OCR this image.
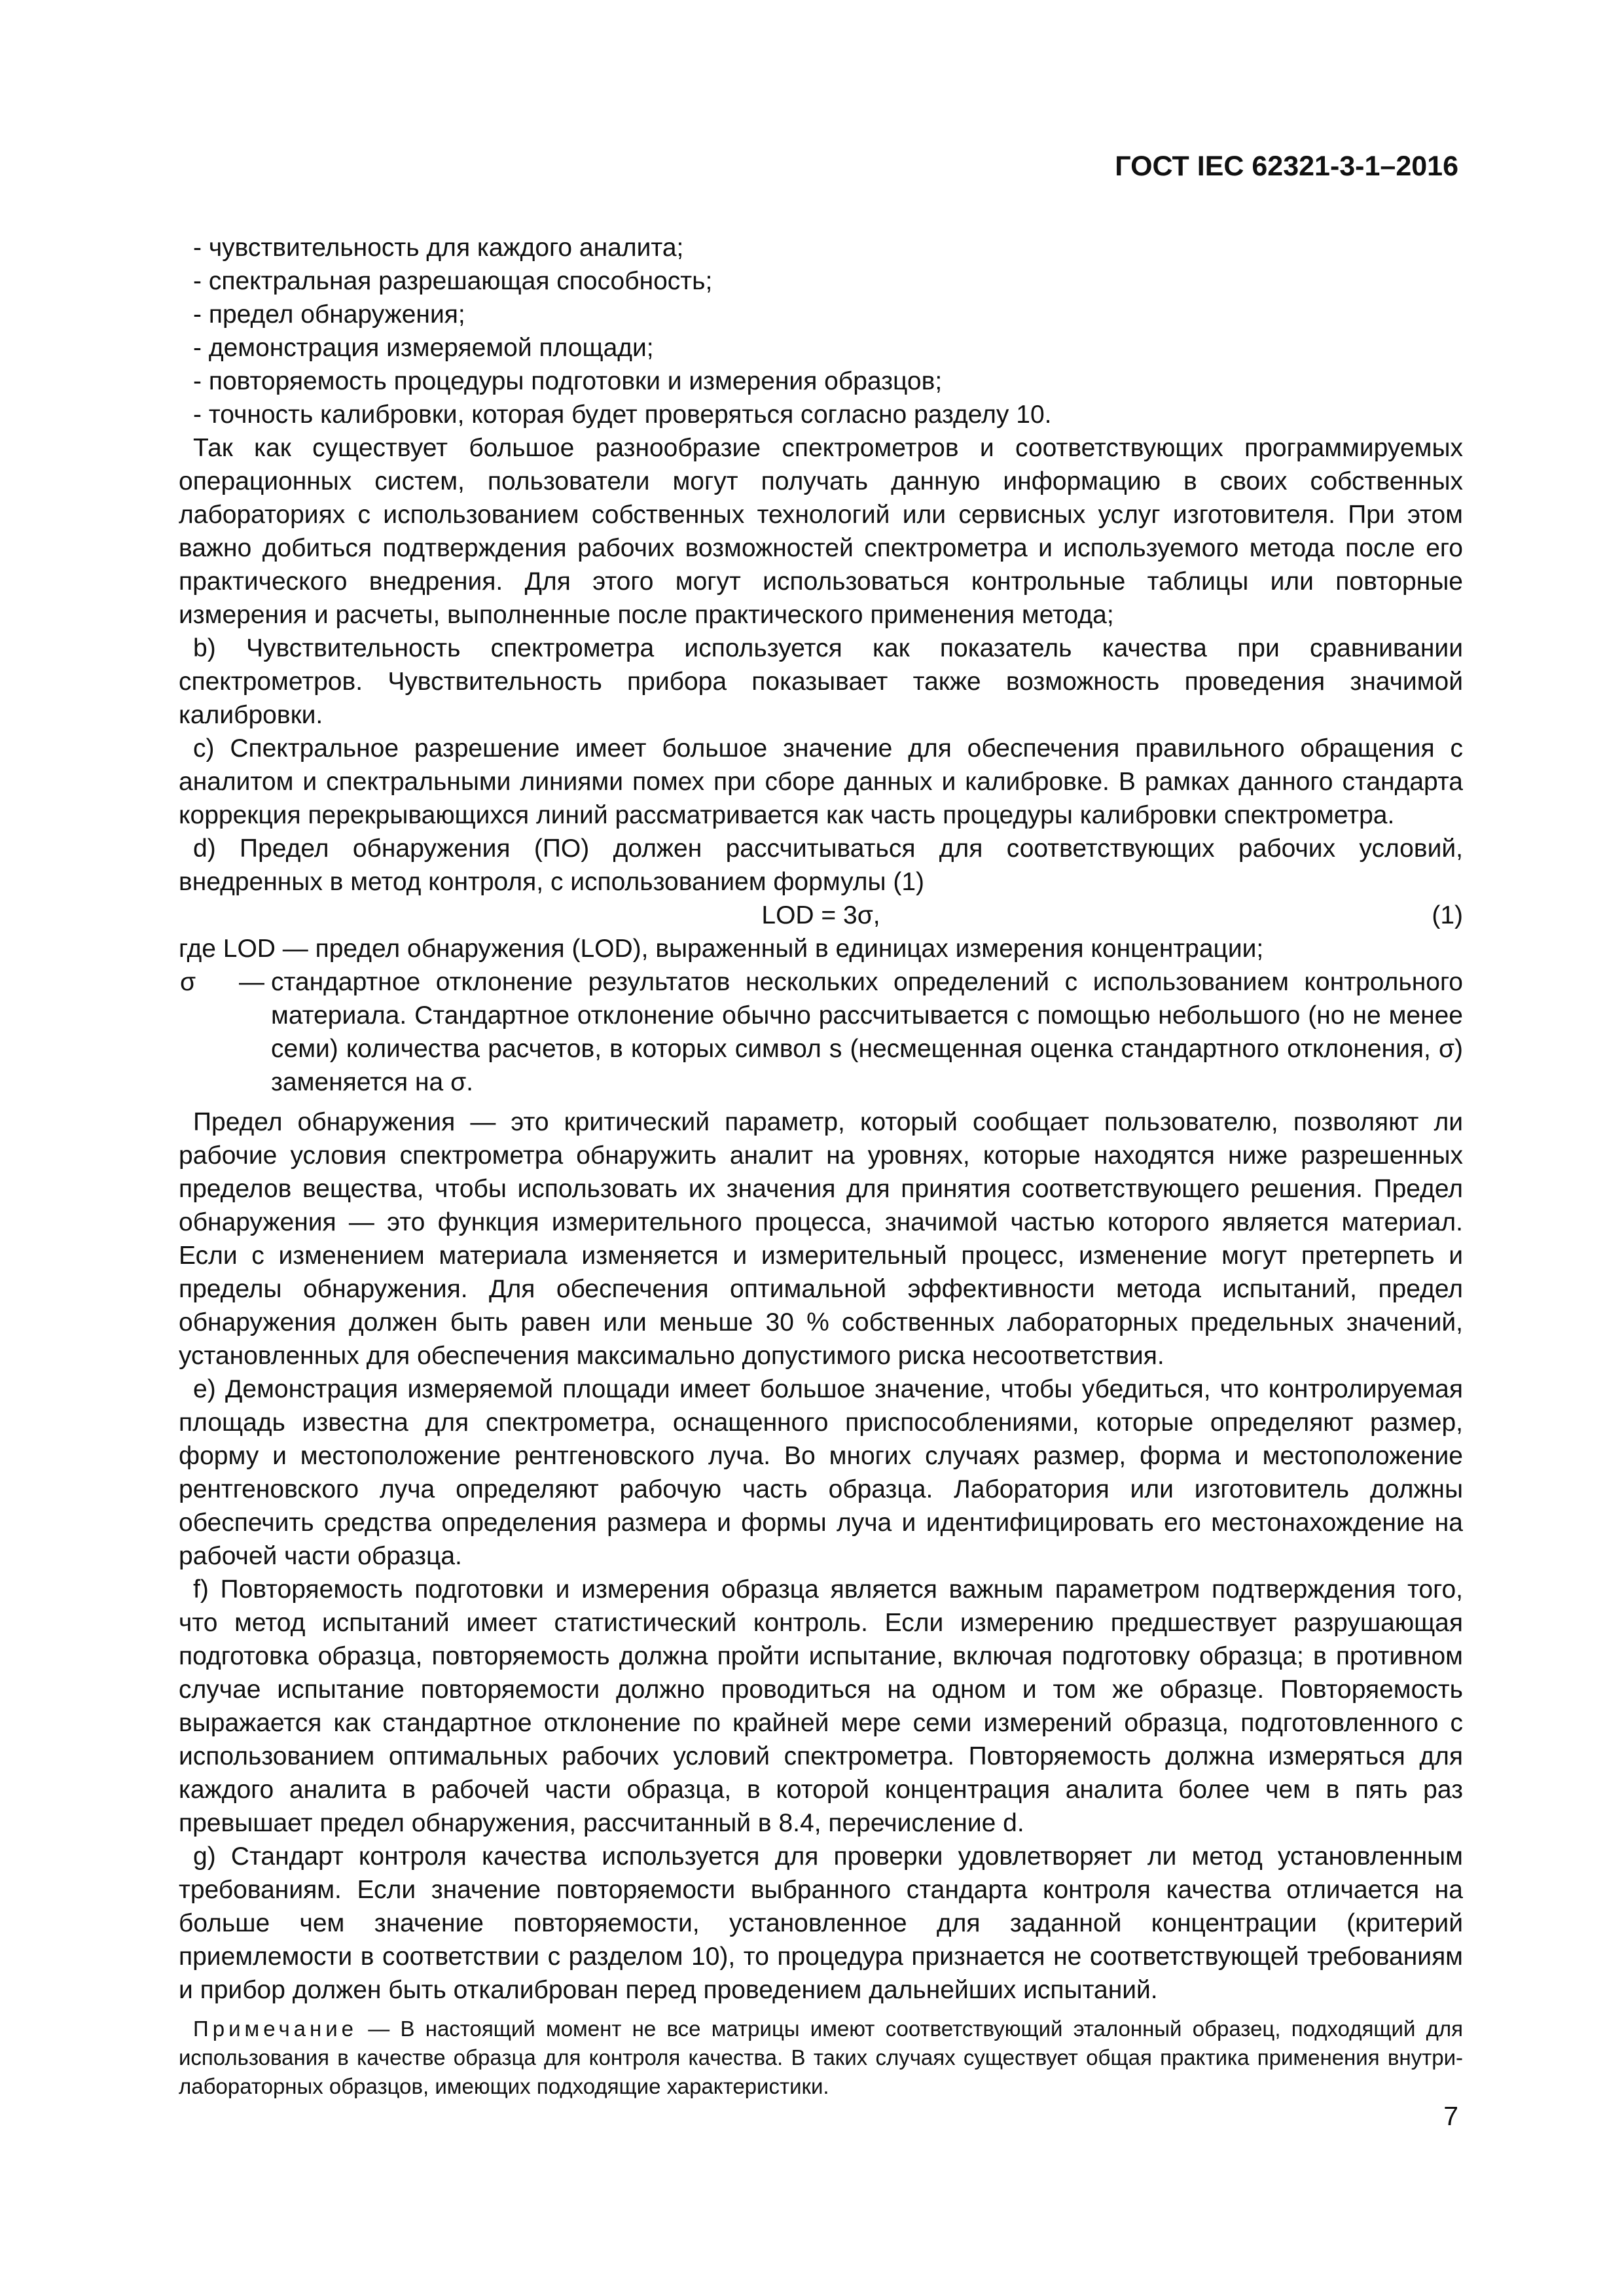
ГОСТ IEC 62321-3-1–2016

- чувствительность для каждого аналита;

- спектральная разрешающая способность;

- предел обнаружения;

- демонстрация измеряемой площади;

- повторяемость процедуры подготовки и измерения образцов;

- точность калибровки, которая будет проверяться согласно разделу 10.

Так как существует большое разнообразие спектрометров и соответствующих программируемых операционных систем, пользователи могут получать данную информацию в своих собственных лабораториях с использованием собственных технологий или сервисных услуг изготовителя. При этом важно добиться подтверждения рабочих возможностей спектрометра и используемого метода после его практического внедрения. Для этого могут использоваться контрольные таблицы или повторные измерения и расчеты, выполненные после практического применения метода;

b) Чувствительность спектрометра используется как показатель качества при сравнивании спектрометров. Чувствительность прибора показывает также возможность проведения значимой калибровки.

c) Спектральное разрешение имеет большое значение для обеспечения правильного обращения с аналитом и спектральными линиями помех при сборе данных и калибровке. В рамках данного стандарта коррекция перекрывающихся линий рассматривается как часть процедуры калибровки спектрометра.

d) Предел обнаружения (ПО) должен рассчитываться для соответствующих рабочих условий, внедренных в метод контроля, с использованием формулы (1)

LOD = 3σ,	(1)

где LOD — предел обнаружения (LOD), выраженный в единицах измерения концентрации;

σ	— стандартное отклонение результатов нескольких определений с использованием контрольного материала. Стандартное отклонение обычно рассчитывается с помощью небольшого (но не менее семи) количества расчетов, в которых символ s (несмещенная оценка стандартного отклонения, σ) заменяется на σ.

Предел обнаружения — это критический параметр, который сообщает пользователю, позволяют ли рабочие условия спектрометра обнаружить аналит на уровнях, которые находятся ниже разрешенных пределов вещества, чтобы использовать их значения для принятия соответствующего решения. Предел обнаружения — это функция измерительного процесса, значимой частью которого является материал. Если с изменением материала изменяется и измерительный процесс, изменение могут претерпеть и пределы обнаружения. Для обеспечения оптимальной эффективности метода испытаний, предел обнаружения должен быть равен или меньше 30 % собственных лабораторных предельных значений, установленных для обеспечения максимально допустимого риска несоответствия.

e) Демонстрация измеряемой площади имеет большое значение, чтобы убедиться, что контролируемая площадь известна для спектрометра, оснащенного приспособлениями, которые определяют размер, форму и местоположение рентгеновского луча. Во многих случаях размер, форма и местоположение рентгеновского луча определяют рабочую часть образца. Лаборатория или изготовитель должны обеспечить средства определения размера и формы луча и идентифицировать его местонахождение на рабочей части образца.

f) Повторяемость подготовки и измерения образца является важным параметром подтверждения того, что метод испытаний имеет статистический контроль. Если измерению предшествует разрушающая подготовка образца, повторяемость должна пройти испытание, включая подготовку образца; в противном случае испытание повторяемости должно проводиться на одном и том же образце. Повторяемость выражается как стандартное отклонение по крайней мере семи измерений образца, подготовленного с использованием оптимальных рабочих условий спектрометра. Повторяемость должна измеряться для каждого аналита в рабочей части образца, в которой концентрация аналита более чем в пять раз превышает предел обнаружения, рассчитанный в 8.4, перечисление d.

g) Стандарт контроля качества используется для проверки удовлетворяет ли метод установленным требованиям. Если значение повторяемости выбранного стандарта контроля качества отличается на больше чем значение повторяемости, установленное для заданной концентрации (критерий приемлемости в соответствии с разделом 10), то процедура признается не соответствующей требованиям и прибор должен быть откалиброван перед проведением дальнейших испытаний.

Примечание — В настоящий момент не все матрицы имеют соответствующий эталонный образец, подходящий для использования в качестве образца для контроля качества. В таких случаях существует общая практика применения внутри-лабораторных образцов, имеющих подходящие характеристики.

7
